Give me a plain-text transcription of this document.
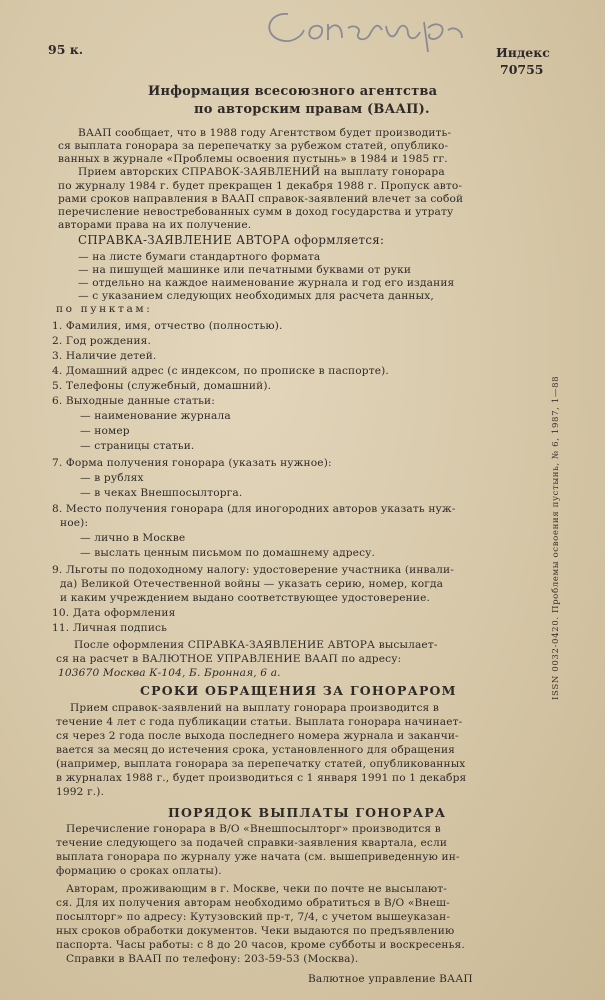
95 к.	Индекс
70755
Информация всесоюзного агентства
по авторским правам (ВААП).
ВААП сообщает, что в 1988 году Агентством будет производить-
ся выплата гонорара за перепечатку за рубежом статей, опублико-
ванных в журнале «Проблемы освоения пустынь» в 1984 и 1985 гг.
Прием авторских СПРАВОК-ЗАЯВЛЕНИЙ на выплату гонорара
по журналу 1984 г. будет прекращен 1 декабря 1988 г. Пропуск авто-
рами сроков направления в ВААП справок-заявлений влечет за собой
перечисление невостребованных сумм в доход государства и утрату
авторами права на их получение.
СПРАВКА-ЗАЯВЛЕНИЕ АВТОРА оформляется:
— на листе бумаги стандартного формата
— на пишущей машинке или печатными буквами от руки
— отдельно на каждое наименование журнала и год его издания
— с указанием следующих необходимых для расчета данных,
по пунктам:
1. Фамилия, имя, отчество (полностью).
2. Год рождения.
3. Наличие детей.
4. Домашний адрес (с индексом, по прописке в паспорте).
5. Телефоны (служебный, домашний).
6. Выходные данные статьи:
— наименование журнала
— номер
— страницы статьи.
7. Форма получения гонорара (указать нужное):
— в рублях
— в чеках Внешпосылторга.
8. Место получения гонорара (для иногородних авторов указать нуж-
ное):
— лично в Москве
— выслать ценным письмом по домашнему адресу.
9. Льготы по подоходному налогу: удостоверение участника (инвали-
да) Великой Отечественной войны — указать серию, номер, когда
и каким учреждением выдано соответствующее удостоверение.
10. Дата оформления
11. Личная подпись
После оформления СПРАВКА-ЗАЯВЛЕНИЕ АВТОРА высылает-
ся на расчет в ВАЛЮТНОЕ УПРАВЛЕНИЕ ВААП по адресу:
103670 Москва К-104, Б. Бронная, 6 а.
СРОКИ ОБРАЩЕНИЯ ЗА ГОНОРАРОМ
Прием справок-заявлений на выплату гонорара производится в
течение 4 лет с года публикации статьи. Выплата гонорара начинает-
ся через 2 года после выхода последнего номера журнала и заканчи-
вается за месяц до истечения срока, установленного для обращения
(например, выплата гонорара за перепечатку статей, опубликованных
в журналах 1988 г., будет производиться с 1 января 1991 по 1 декабря
1992 г.).
ПОРЯДОК ВЫПЛАТЫ ГОНОРАРА
Перечисление гонорара в В/О «Внешпосылторг» производится в
течение следующего за подачей справки-заявления квартала, если
выплата гонорара по журналу уже начата (см. вышеприведенную ин-
формацию о сроках оплаты).
Авторам, проживающим в г. Москве, чеки по почте не высылают-
ся. Для их получения авторам необходимо обратиться в В/О «Внеш-
посылторг» по адресу: Кутузовский пр-т, 7/4, с учетом вышеуказан-
ных сроков обработки документов. Чеки выдаются по предъявлению
паспорта. Часы работы: с 8 до 20 часов, кроме субботы и воскресенья.
Справки в ВААП по телефону: 203-59-53 (Москва).
Валютное управление ВААП
ISSN 0032-0420. Проблемы освоения пустынь, № 6, 1987, 1—88
